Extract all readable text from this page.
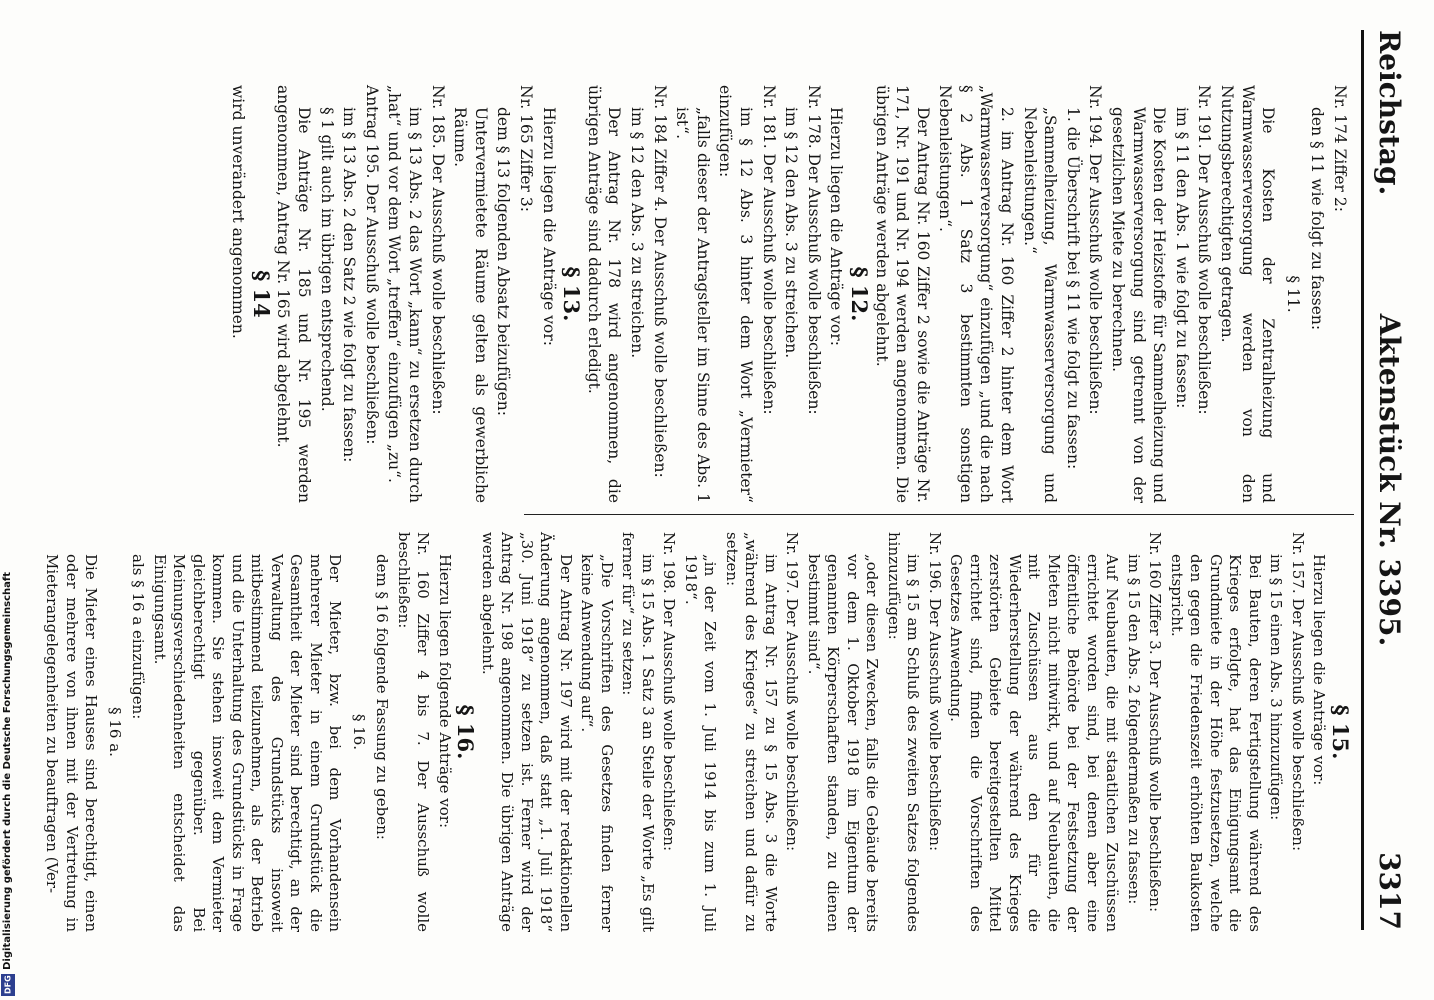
Reichstag.
Aktenstück Nr. 3395.
3317

Nr. 174 Ziffer 2:

den § 11 wie folgt zu fassen:

§ 11.

Die Kosten der Zentralheizung und Warmwasserversorgung werden von den Nutzungsberechtigten getragen.

Nr. 191. Der Ausschuß wolle beschließen:

im § 11 den Abs. 1 wie folgt zu fassen:

Die Kosten der Heizstoffe für Sammelheizung und Warmwasserversorgung sind getrennt von der gesetzlichen Miete zu berechnen.

Nr. 194. Der Ausschuß wolle beschließen:

1. die Überschrift bei § 11 wie folgt zu fassen:

„Sammelheizung, Warmwasserversorgung und Nebenleistungen.“

2. im Antrag Nr. 160 Ziffer 2 hinter dem Wort „Warmwasserversorgung“ einzufügen „und die nach § 2 Abs. 1 Satz 3 bestimmten sonstigen Nebenleistungen“.

Der Antrag Nr. 160 Ziffer 2 sowie die Anträge Nr. 171, Nr. 191 und Nr. 194 werden angenommen. Die übrigen Anträge werden abgelehnt.

§ 12.

Hierzu liegen die Anträge vor:

Nr. 178. Der Ausschuß wolle beschließen:

im § 12 den Abs. 3 zu streichen.

Nr. 181. Der Ausschuß wolle beschließen:

im § 12 Abs. 3 hinter dem Wort „Vermieter“ einzufügen:

„falls dieser der Antragsteller im Sinne des Abs. 1 ist“.

Nr. 184 Ziffer 4. Der Ausschuß wolle beschließen:

im § 12 den Abs. 3 zu streichen.

Der Antrag Nr. 178 wird angenommen, die übrigen Anträge sind dadurch erledigt.

§ 13.

Hierzu liegen die Anträge vor:

Nr. 165 Ziffer 3:

dem § 13 folgenden Absatz beizufügen:

Untervermietete Räume gelten als gewerbliche Räume.

Nr. 185. Der Ausschuß wolle beschließen:

im § 13 Abs. 2 das Wort „kann“ zu ersetzen durch „hat“ und vor dem Wort „treffen“ einzufügen „zu“.

Antrag 195. Der Ausschuß wolle beschließen:

im § 13 Abs. 2 den Satz 2 wie folgt zu fassen:

§ 1 gilt auch im übrigen entsprechend.

Die Anträge Nr. 185 und Nr. 195 werden angenommen, Antrag Nr. 165 wird abgelehnt.

§ 14

wird unverändert angenommen.

§ 15.

Hierzu liegen die Anträge vor:

Nr. 157. Der Ausschuß wolle beschließen:

im § 15 einen Abs. 3 hinzuzufügen:

Bei Bauten, deren Fertigstellung während des Krieges erfolgte, hat das Einigungsamt die Grundmiete in der Höhe festzusetzen, welche den gegen die Friedenszeit erhöhten Baukosten entspricht.

Nr. 160 Ziffer 3. Der Ausschuß wolle beschließen:

im § 15 den Abs. 2 folgendermaßen zu fassen:

Auf Neubauten, die mit staatlichen Zuschüssen errichtet worden sind, bei denen aber eine öffentliche Behörde bei der Festsetzung der Mieten nicht mitwirkt, und auf Neubauten, die mit Zuschüssen aus den für die Wiederherstellung der während des Krieges zerstörten Gebiete bereitgestellten Mittel errichtet sind, finden die Vorschriften des Gesetzes Anwendung.

Nr. 196. Der Ausschuß wolle beschließen:

im § 15 am Schluß des zweiten Satzes folgendes hinzuzufügen:

„oder diesen Zwecken, falls die Gebäude bereits vor dem 1. Oktober 1918 im Eigentum der genannten Körperschaften standen, zu dienen bestimmt sind“.

Nr. 197. Der Ausschuß wolle beschließen:

im Antrag Nr. 157 zu § 15 Abs. 3 die Worte „während des Krieges“ zu streichen und dafür zu setzen:

„in der Zeit vom 1. Juli 1914 bis zum 1. Juli 1918“.

Nr. 198. Der Ausschuß wolle beschließen:

im § 15 Abs. 1 Satz 3 an Stelle der Worte „Es gilt ferner für“ zu setzen:

„Die Vorschriften des Gesetzes finden ferner keine Anwendung auf“.

Der Antrag Nr. 197 wird mit der redaktionellen Änderung angenommen, daß statt „1. Juli 1918“ „30. Juni 1918“ zu setzen ist. Ferner wird der Antrag Nr. 198 angenommen. Die übrigen Anträge werden abgelehnt.

§ 16.

Hierzu liegen folgende Anträge vor:

Nr. 160 Ziffer 4 bis 7. Der Ausschuß wolle beschließen:

dem § 16 folgende Fassung zu geben:

§ 16.

Der Mieter, bzw. bei dem Vorhandensein mehrerer Mieter in einem Grundstück die Gesamtheit der Mieter sind berechtigt, an der Verwaltung des Grundstücks insoweit mitbestimmend teilzunehmen, als der Betrieb und die Unterhaltung des Grundstücks in Frage kommen. Sie stehen insoweit dem Vermieter gleichberechtigt gegenüber. Bei Meinungsverschiedenheiten entscheidet das Einigungsamt.

als § 16 a einzufügen:

§ 16 a.

Die Mieter eines Hauses sind berechtigt, einen oder mehrere von ihnen mit der Vertretung in Mieterangelegenheiten zu beauftragen (Ver-

Digitalisierung gefördert durch die Deutsche Forschungsgemeinschaft
DFG
